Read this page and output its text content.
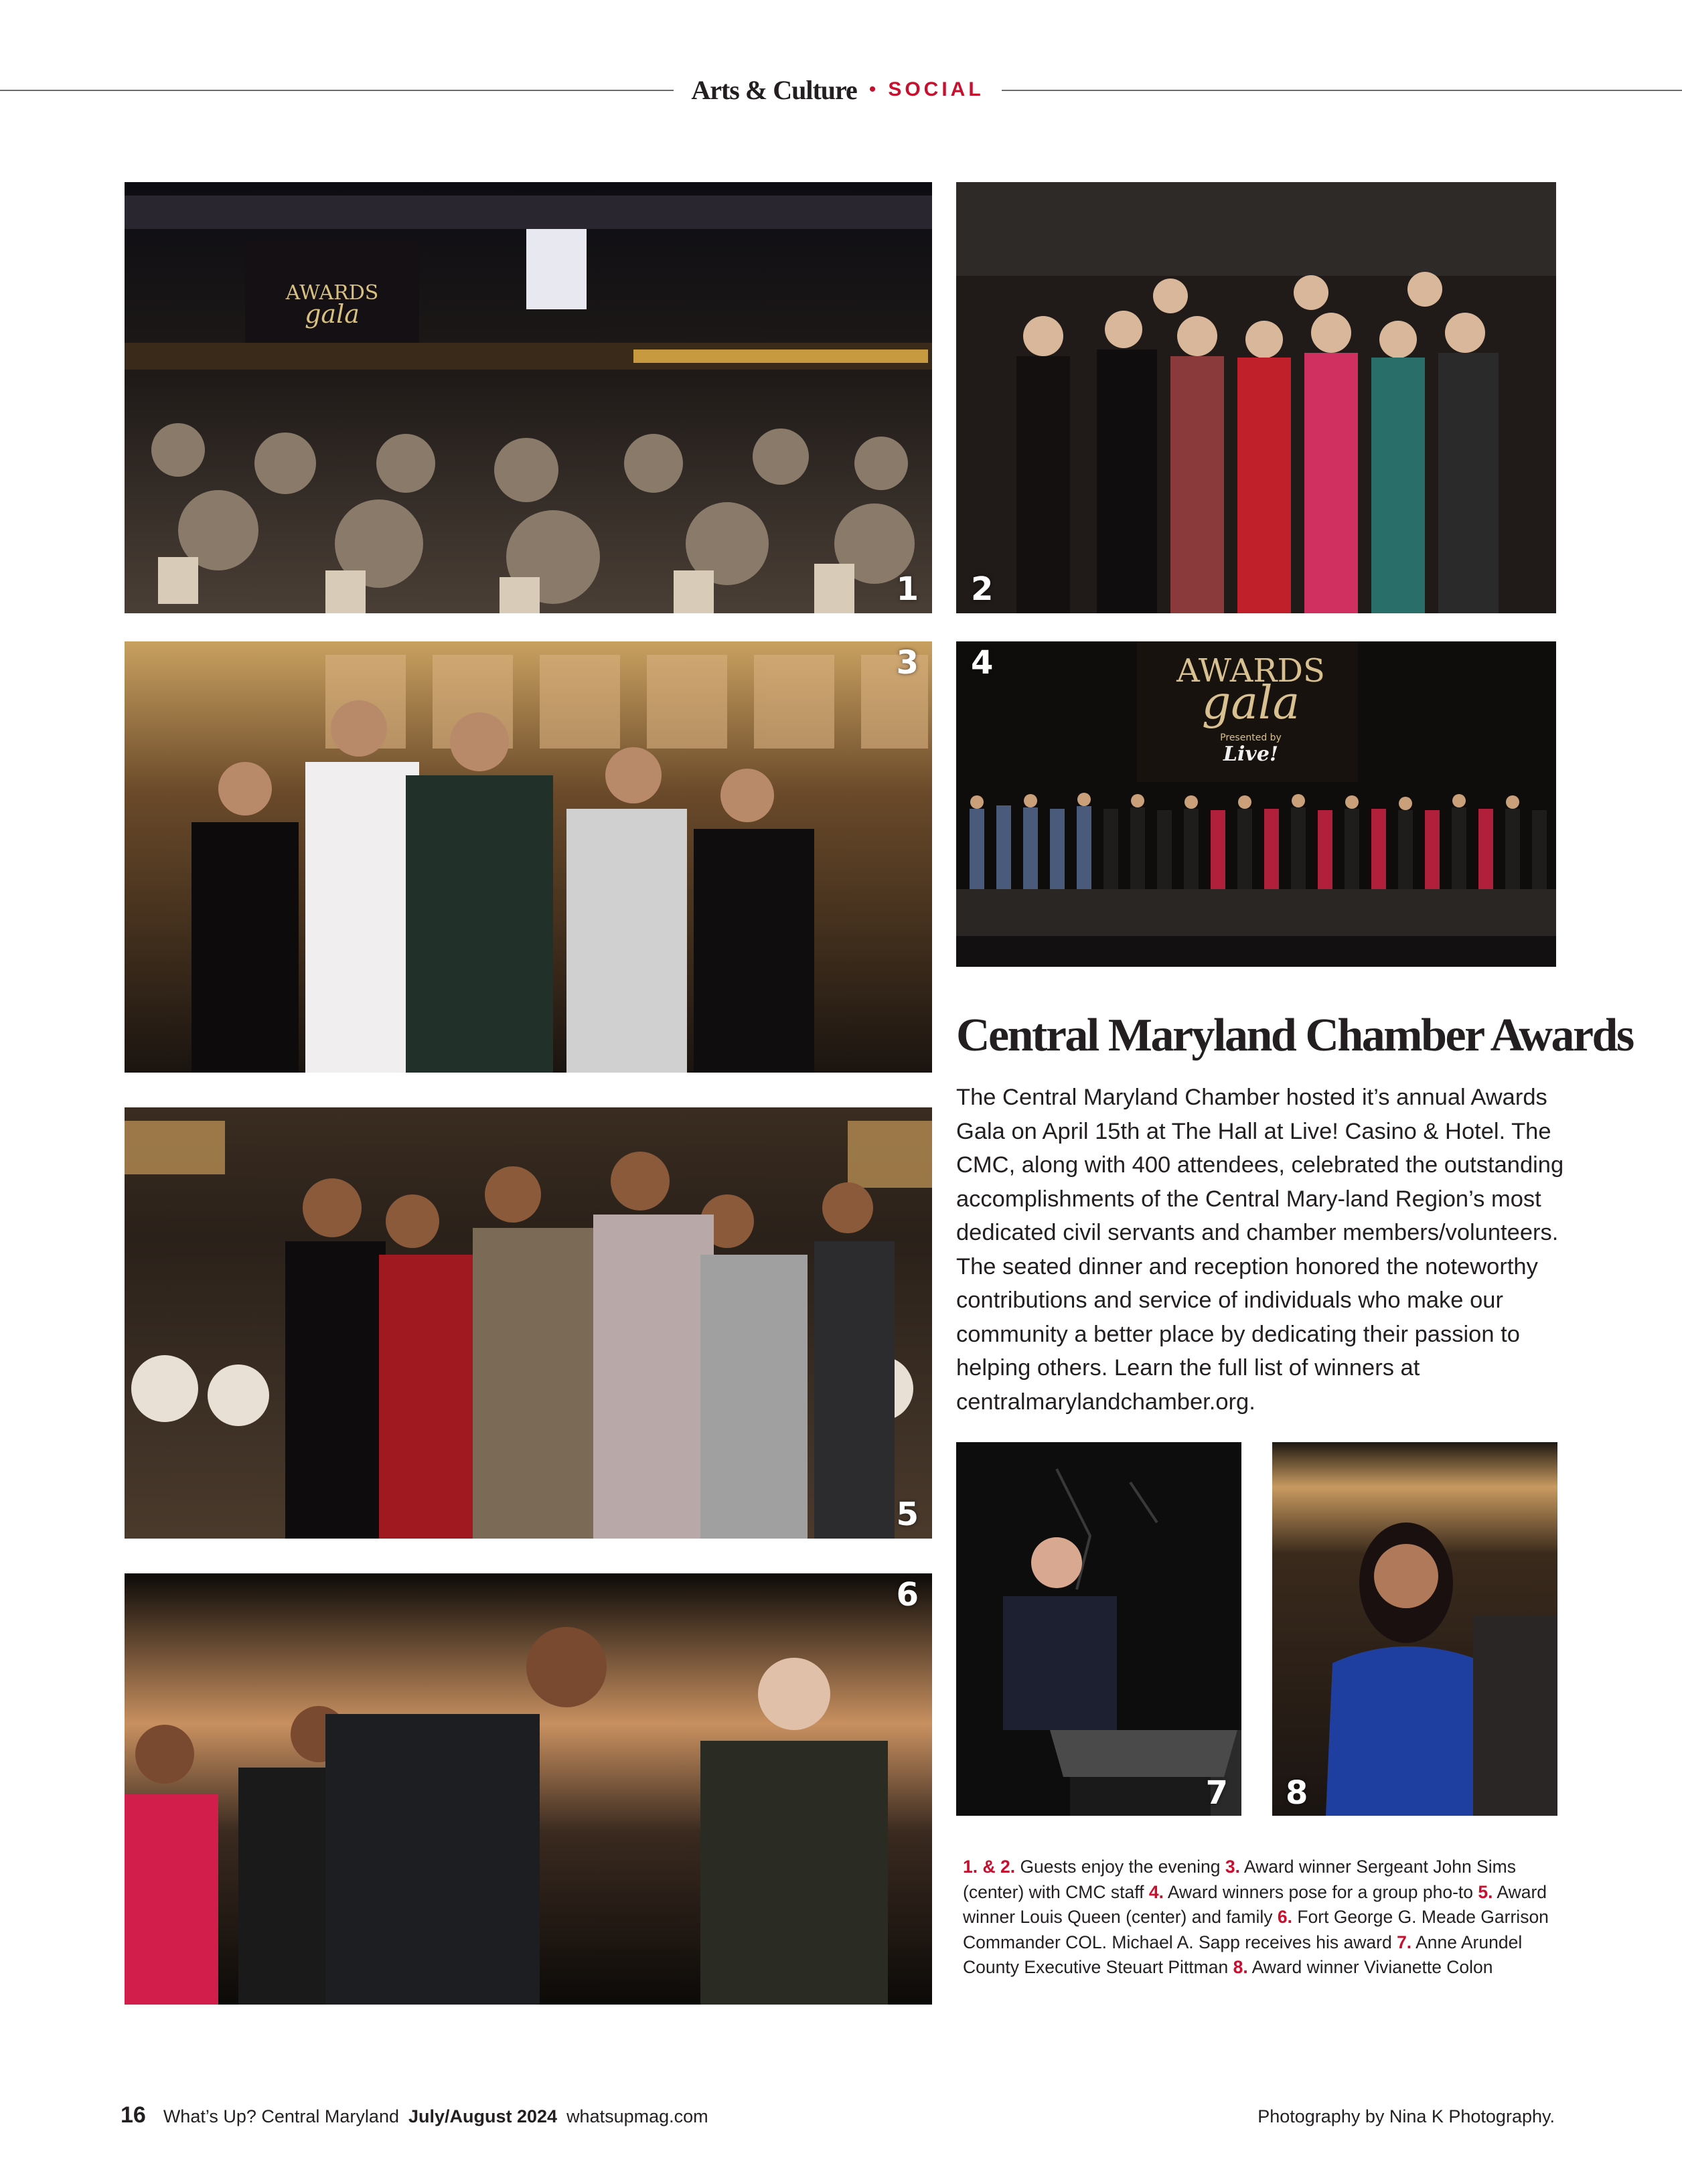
Arts & Culture • SOCIAL
AWARDS
gala
1 2
3	AWARDS
gala
Presented by
Live!
4
Central Maryland Chamber Awards

The Central Maryland Chamber hosted it’s annual Awards Gala on April 15th at The Hall at Live! Casino & Hotel. The CMC, along with 400 attendees, celebrated the outstanding accomplishments of the Central Mary-land Region’s most dedicated civil servants and chamber members/volunteers. The seated dinner and reception honored the noteworthy contributions and service of individuals who make our community a better place by dedicating their passion to helping others. Learn the full list of winners at centralmarylandchamber.org.

5
6
7 8

1. & 2. Guests enjoy the evening 3. Award winner Sergeant John Sims (center) with CMC staff 4. Award winners pose for a group pho-to 5. Award winner Louis Queen (center) and family 6. Fort George G. Meade Garrison Commander COL. Michael A. Sapp receives his award 7. Anne Arundel County Executive Steuart Pittman 8. Award winner Vivianette Colon

16 What’s Up? Central Maryland July/August 2024 whatsupmag.com	Photography by Nina K Photography.
